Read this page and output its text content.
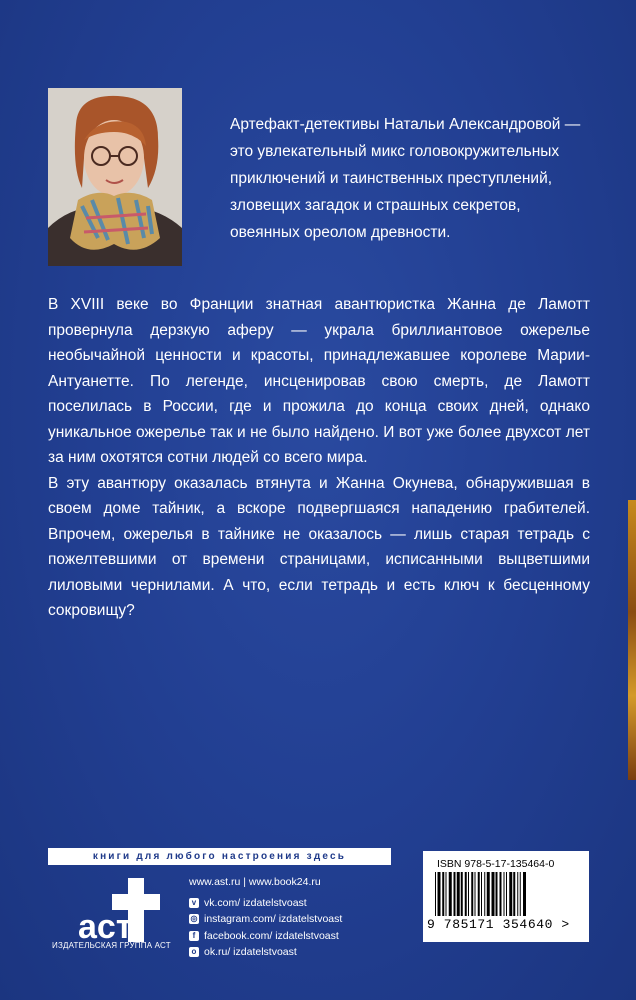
Артефакт-детективы Натальи Александровой —
это увлекательный микс головокружительных
приключений и таинственных преступлений,
зловещих загадок и страшных секретов,
овеянных ореолом древности.

В XVIII веке во Франции знатная авантюристка Жанна де Ламотт провернула дерзкую аферу — украла бриллиантовое ожерелье необычайной ценности и красоты, принадлежавшее королеве Марии-Антуанетте. По легенде, инсценировав свою смерть, де Ламотт поселилась в России, где и прожила до конца своих дней, однако уникальное ожерелье так и не было найдено. И вот уже более двухсот лет за ним охотятся сотни людей со всего мира.

В эту авантюру оказалась втянута и Жанна Окунева, обнаружившая в своем доме тайник, а вскоре подвергшаяся нападению грабителей. Впрочем, ожерелья в тайнике не оказалось — лишь старая тетрадь с пожелтевшими от времени страницами, исписанными выцветшими лиловыми чернилами. А что, если тетрадь и есть ключ к бесценному сокровищу?

книги для любого настроения здесь
аст
ИЗДАТЕЛЬСКАЯ ГРУППА АСТ
www.ast.ru | www.book24.ru
v vk.com/ izdatelstvoast
◎ instagram.com/ izdatelstvoast
f facebook.com/ izdatelstvoast
o ok.ru/ izdatelstvoast
ISBN 978-5-17-135464-0
9 785171 354640 >
